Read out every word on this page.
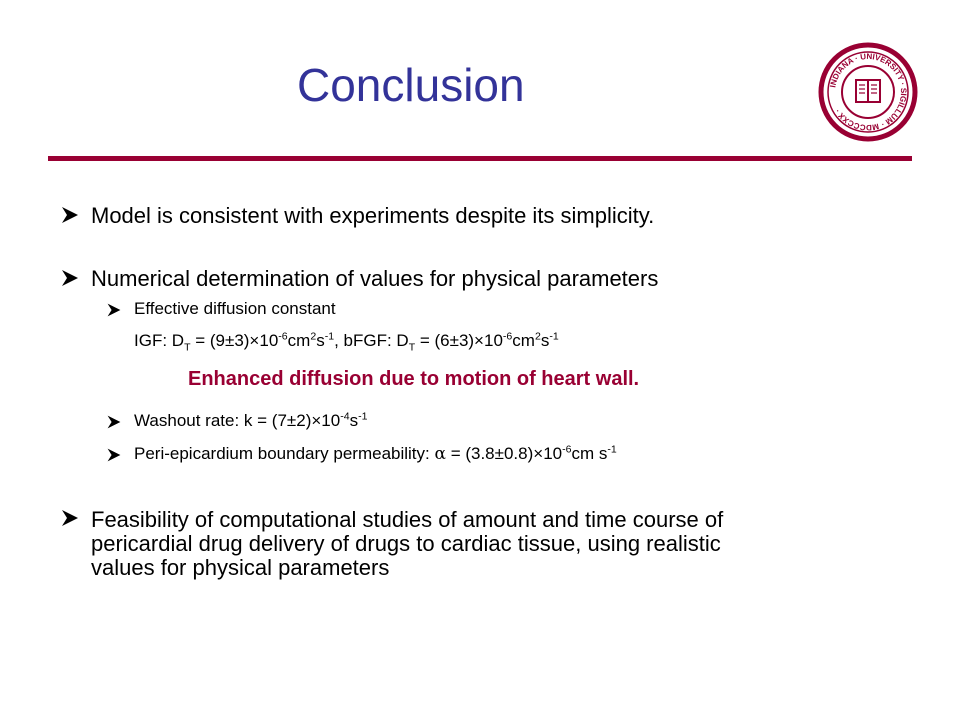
Conclusion	INDIANA · UNIVERSITY · SIGILLUM · MDCCCXX ·
Model is consistent with experiments despite its simplicity.
Numerical determination of values for physical parameters
Effective diffusion constant
IGF: $D_T = (9\pm 3)\times 10^{-6}cm^2s^{-1}$, bFGF: $D_T = (6\pm 3)\times 10^{-6}cm^2s^{-1}$
Enhanced diffusion due to motion of heart wall.
Washout rate: $k = (7\pm 2)\times 10^{-4}s^{-1}$
Peri-epicardium boundary permeability: $\alpha = (3.8\pm 0.8)\times 10^{-6}cm$ $s^{-1}$
Feasibility of computational studies of amount and time course of
pericardial drug delivery of drugs to cardiac tissue, using realistic
values for physical parameters
